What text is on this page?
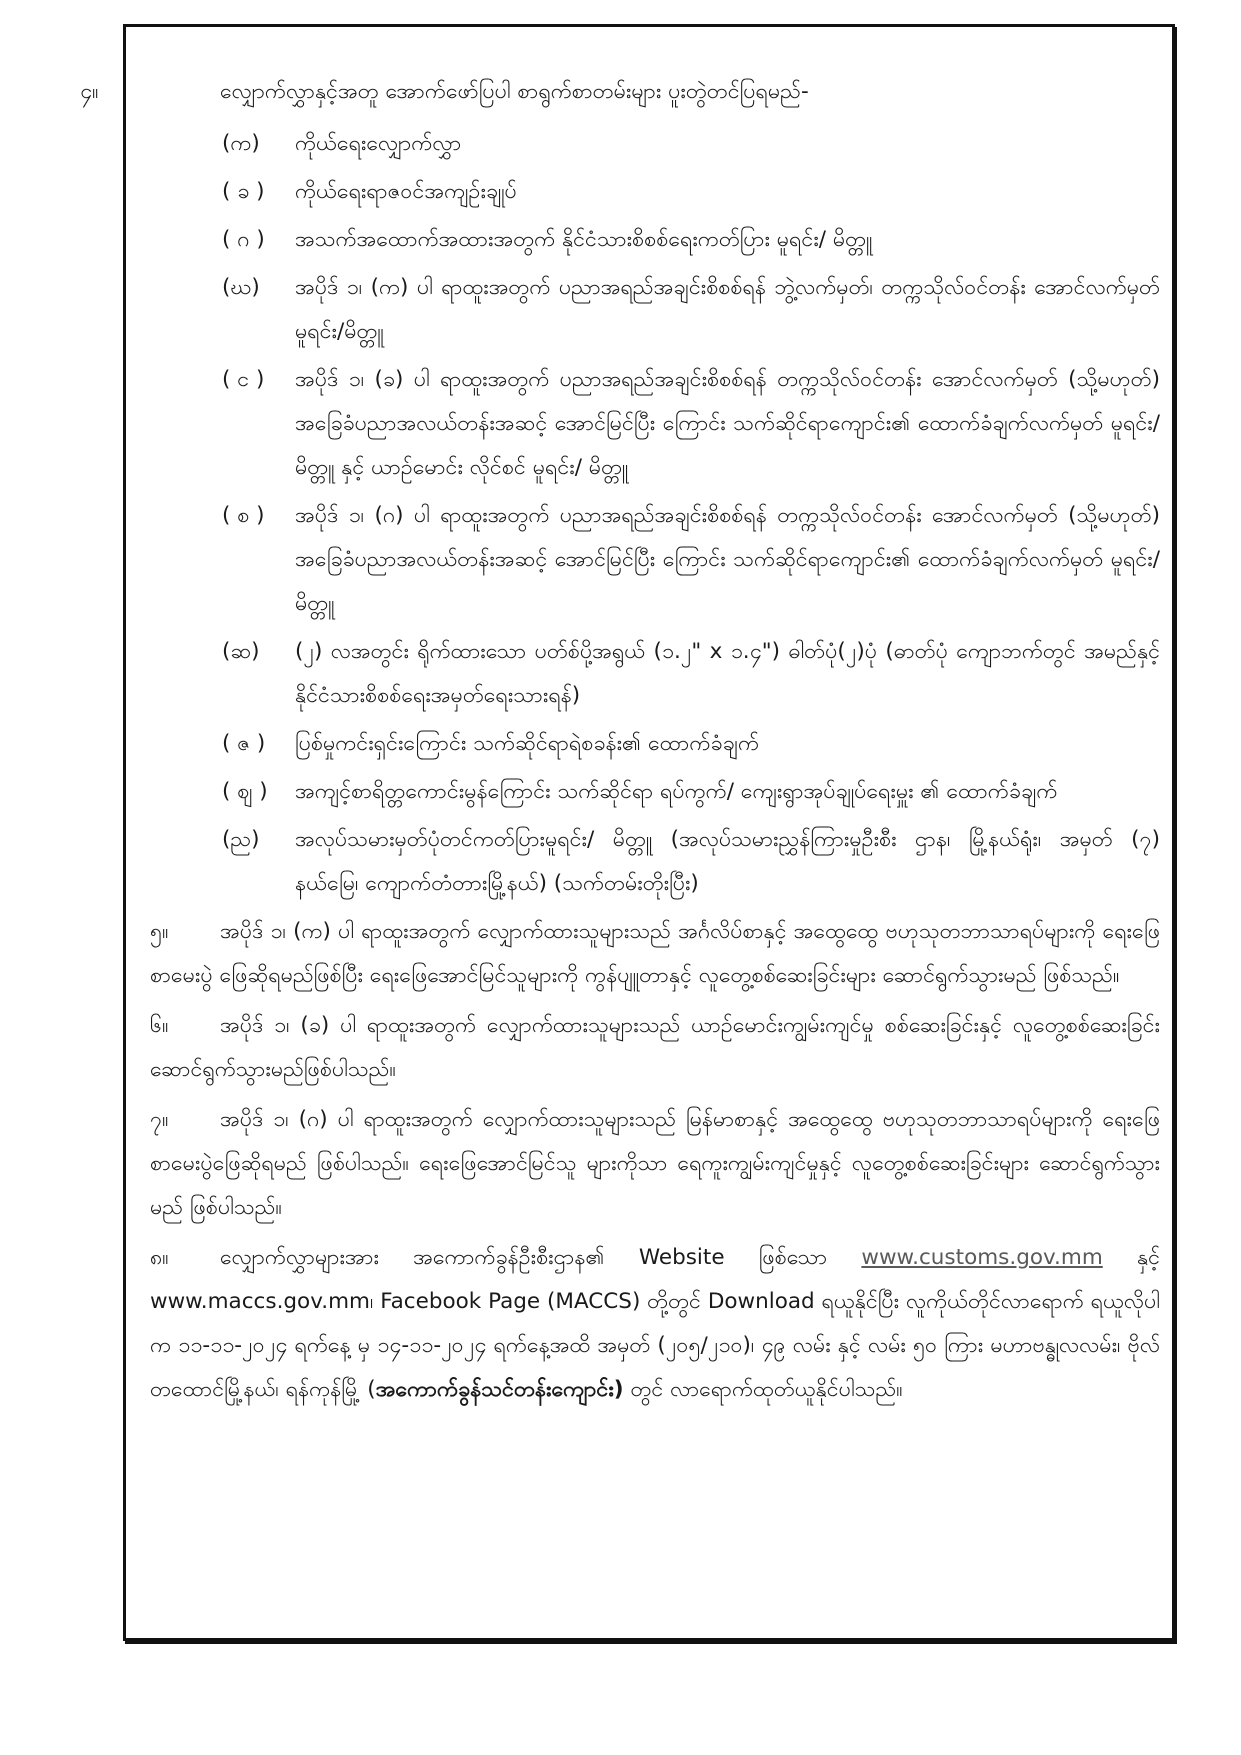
၄။	လျှောက်လွှာနှင့်အတူ အောက်ဖော်ပြပါ စာရွက်စာတမ်းများ ပူးတွဲတင်ပြရမည်-

(က)	ကိုယ်ရေးလျှောက်လွှာ

( ခ )	ကိုယ်ရေးရာဇဝင်အကျဉ်းချုပ်

( ဂ )	အသက်အထောက်အထားအတွက် နိုင်ငံသားစိစစ်ရေးကတ်ပြား မူရင်း/ မိတ္တူ

(ဃ)	အပိုဒ် ၁၊ (က) ပါ ရာထူးအတွက် ပညာအရည်အချင်းစိစစ်ရန် ဘွဲ့လက်မှတ်၊ တက္ကသိုလ်ဝင်တန်း အောင်လက်မှတ် မူရင်း/မိတ္တူ

( င )	အပိုဒ် ၁၊ (ခ) ပါ ရာထူးအတွက် ပညာအရည်အချင်းစိစစ်ရန် တက္ကသိုလ်ဝင်တန်း အောင်လက်မှတ် (သို့မဟုတ်) အခြေခံပညာအလယ်တန်းအဆင့် အောင်မြင်ပြီး ကြောင်း သက်ဆိုင်ရာကျောင်း၏ ထောက်ခံချက်လက်မှတ် မူရင်း/ မိတ္တူ နှင့် ယာဉ်မောင်း လိုင်စင် မူရင်း/ မိတ္တူ

( စ )	အပိုဒ် ၁၊ (ဂ) ပါ ရာထူးအတွက် ပညာအရည်အချင်းစိစစ်ရန် တက္ကသိုလ်ဝင်တန်း အောင်လက်မှတ် (သို့မဟုတ်) အခြေခံပညာအလယ်တန်းအဆင့် အောင်မြင်ပြီး ကြောင်း သက်ဆိုင်ရာကျောင်း၏ ထောက်ခံချက်လက်မှတ် မူရင်း/ မိတ္တူ

(ဆ)	(၂) လအတွင်း ရိုက်ထားသော ပတ်စ်ပို့အရွယ် (၁.၂" x ၁.၄") ဓါတ်ပုံ(၂)ပုံ (ဓာတ်ပုံ ကျောဘက်တွင် အမည်နှင့်နိုင်ငံသားစိစစ်ရေးအမှတ်ရေးသားရန်)

( ဇ )	ပြစ်မှုကင်းရှင်းကြောင်း သက်ဆိုင်ရာရဲစခန်း၏ ထောက်ခံချက်

( ဈ )	အကျင့်စာရိတ္တကောင်းမွန်ကြောင်း သက်ဆိုင်ရာ ရပ်ကွက်/ ကျေးရွာအုပ်ချုပ်ရေးမှူး ၏ ထောက်ခံချက်

(ည)	အလုပ်သမားမှတ်ပုံတင်ကတ်ပြားမူရင်း/ မိတ္တူ (အလုပ်သမားညွှန်ကြားမှုဦးစီး ဌာန၊ မြို့နယ်ရုံး၊ အမှတ် (၇) နယ်မြေ၊ ကျောက်တံတားမြို့နယ်) (သက်တမ်းတိုးပြီး)

၅။ အပိုဒ် ၁၊ (က) ပါ ရာထူးအတွက် လျှောက်ထားသူများသည် အင်္ဂလိပ်စာနှင့် အထွေထွေ ဗဟုသုတဘာသာရပ်များကို ရေးဖြေစာမေးပွဲ ဖြေဆိုရမည်ဖြစ်ပြီး ရေးဖြေအောင်မြင်သူများကို ကွန်ပျူတာနှင့် လူတွေ့စစ်ဆေးခြင်းများ ဆောင်ရွက်သွားမည် ဖြစ်သည်။

၆။ အပိုဒ် ၁၊ (ခ) ပါ ရာထူးအတွက် လျှောက်ထားသူများသည် ယာဉ်မောင်းကျွမ်းကျင်မှု စစ်ဆေးခြင်းနှင့် လူတွေ့စစ်ဆေးခြင်း ဆောင်ရွက်သွားမည်ဖြစ်ပါသည်။

၇။ အပိုဒ် ၁၊ (ဂ) ပါ ရာထူးအတွက် လျှောက်ထားသူများသည် မြန်မာစာနှင့် အထွေထွေ ဗဟုသုတဘာသာရပ်များကို ရေးဖြေစာမေးပွဲဖြေဆိုရမည် ဖြစ်ပါသည်။ ရေးဖြေအောင်မြင်သူ များကိုသာ ရေကူးကျွမ်းကျင်မှုနှင့် လူတွေ့စစ်ဆေးခြင်းများ ဆောင်ရွက်သွားမည် ဖြစ်ပါသည်။

၈။ လျှောက်လွှာများအား အကောက်ခွန်ဦးစီးဌာန၏ Website ဖြစ်သော www.customs.gov.mm နှင့် www.maccs.gov.mm၊ Facebook Page (MACCS) တို့တွင် Download ရယူနိုင်ပြီး လူကိုယ်တိုင်လာရောက် ရယူလိုပါက ၁၁-၁၁-၂၀၂၄ ရက်နေ့ မှ ၁၄-၁၁-၂၀၂၄ ရက်နေ့အထိ အမှတ် (၂၀၅/၂၁၀)၊ ၄၉ လမ်း နှင့် လမ်း ၅၀ ကြား မဟာဗန္ဓုလလမ်း၊ ဗိုလ်တထောင်မြို့နယ်၊ ရန်ကုန်မြို့ (အကောက်ခွန်သင်တန်းကျောင်း) တွင် လာရောက်ထုတ်ယူနိုင်ပါသည်။
